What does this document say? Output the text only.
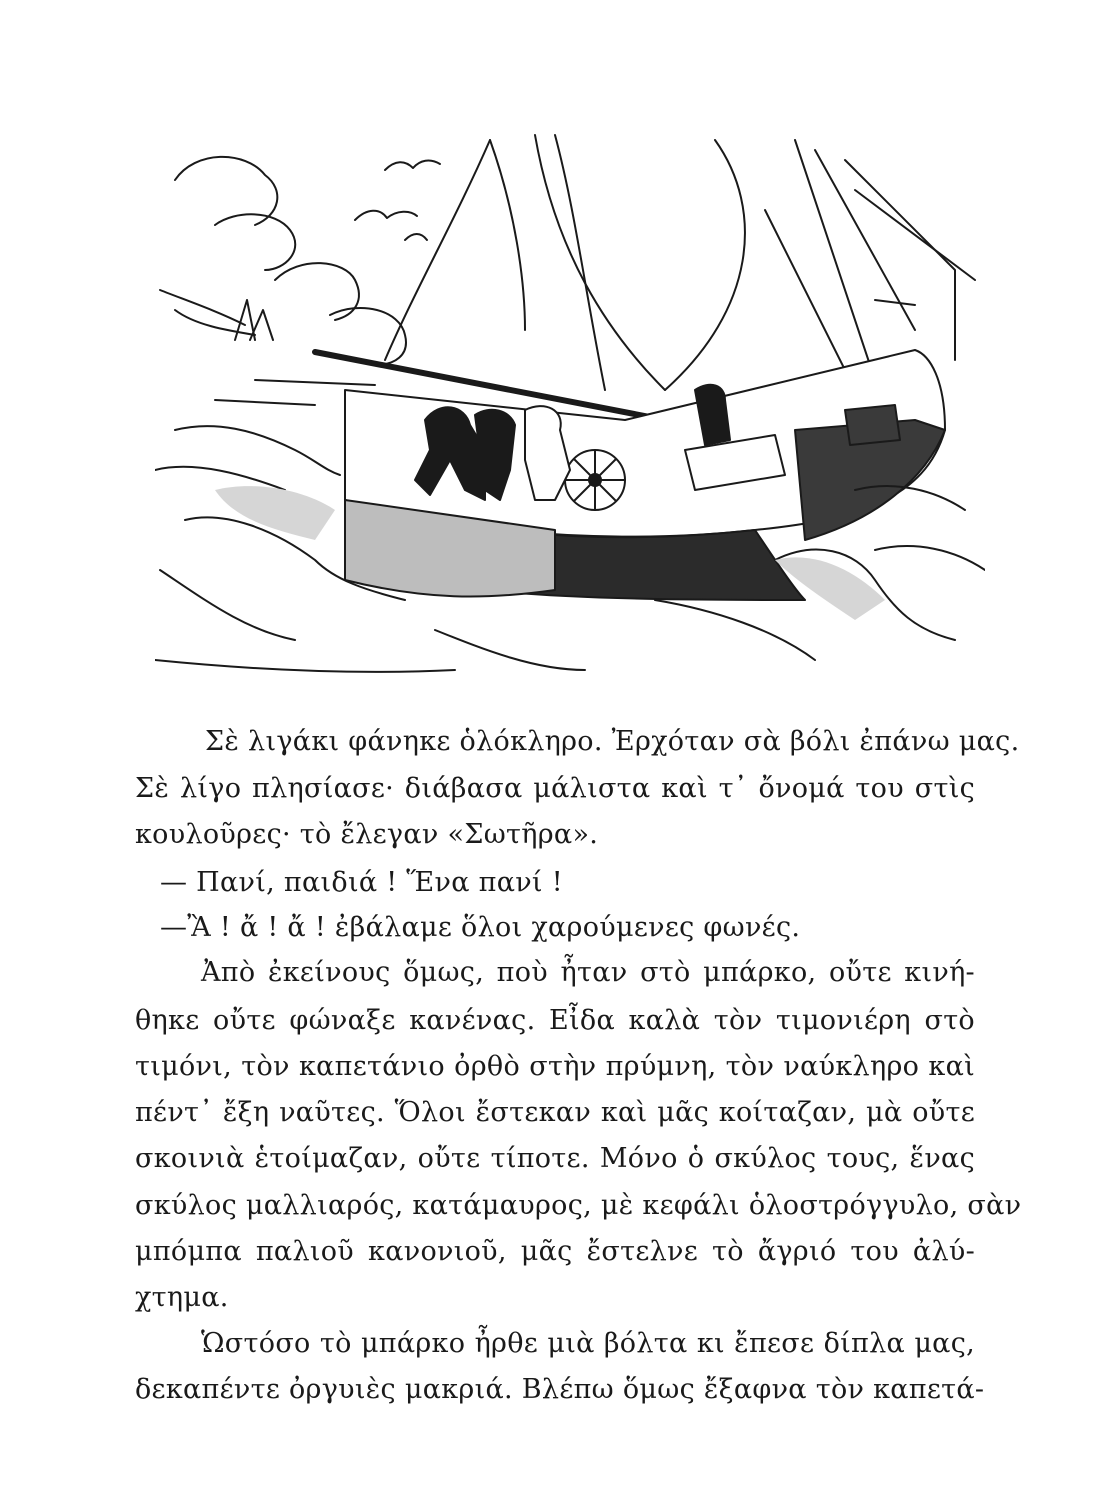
Σὲ λιγάκι φάνηκε ὁλόκληρο. Ἐρχόταν σὰ βόλι ἐπάνω μας.
Σὲ λίγο πλησίασε· διάβασα μάλιστα καὶ τ᾽ ὄνομά του στὶς
κουλοῦρες· τὸ ἔλεγαν «Σωτῆρα».
— Πανί, παιδιά ! Ἕνα πανί !
—Ἂ ! ἄ ! ἄ ! ἐβάλαμε ὅλοι χαρούμενες φωνές.
Ἀπὸ ἐκείνους ὅμως, ποὺ ἦταν στὸ μπάρκο, οὔτε κινή-
θηκε οὔτε φώναξε κανένας. Εἶδα καλὰ τὸν τιμονιέρη στὸ
τιμόνι, τὸν καπετάνιο ὀρθὸ στὴν πρύμνη, τὸν ναύκληρο καὶ
πέντ᾽ ἔξη ναῦτες. Ὅλοι ἔστεκαν καὶ μᾶς κοίταζαν, μὰ οὔτε
σκοινιὰ ἑτοίμαζαν, οὔτε τίποτε. Μόνο ὁ σκύλος τους, ἕνας
σκύλος μαλλιαρός, κατάμαυρος, μὲ κεφάλι ὁλοστρόγγυλο, σὰν
μπόμπα παλιοῦ κανονιοῦ, μᾶς ἔστελνε τὸ ἄγριό του ἀλύ-
χτημα.
Ὡστόσο τὸ μπάρκο ἦρθε μιὰ βόλτα κι ἔπεσε δίπλα μας,
δεκαπέντε ὀργυιὲς μακριά. Βλέπω ὅμως ἔξαφνα τὸν καπετά-
